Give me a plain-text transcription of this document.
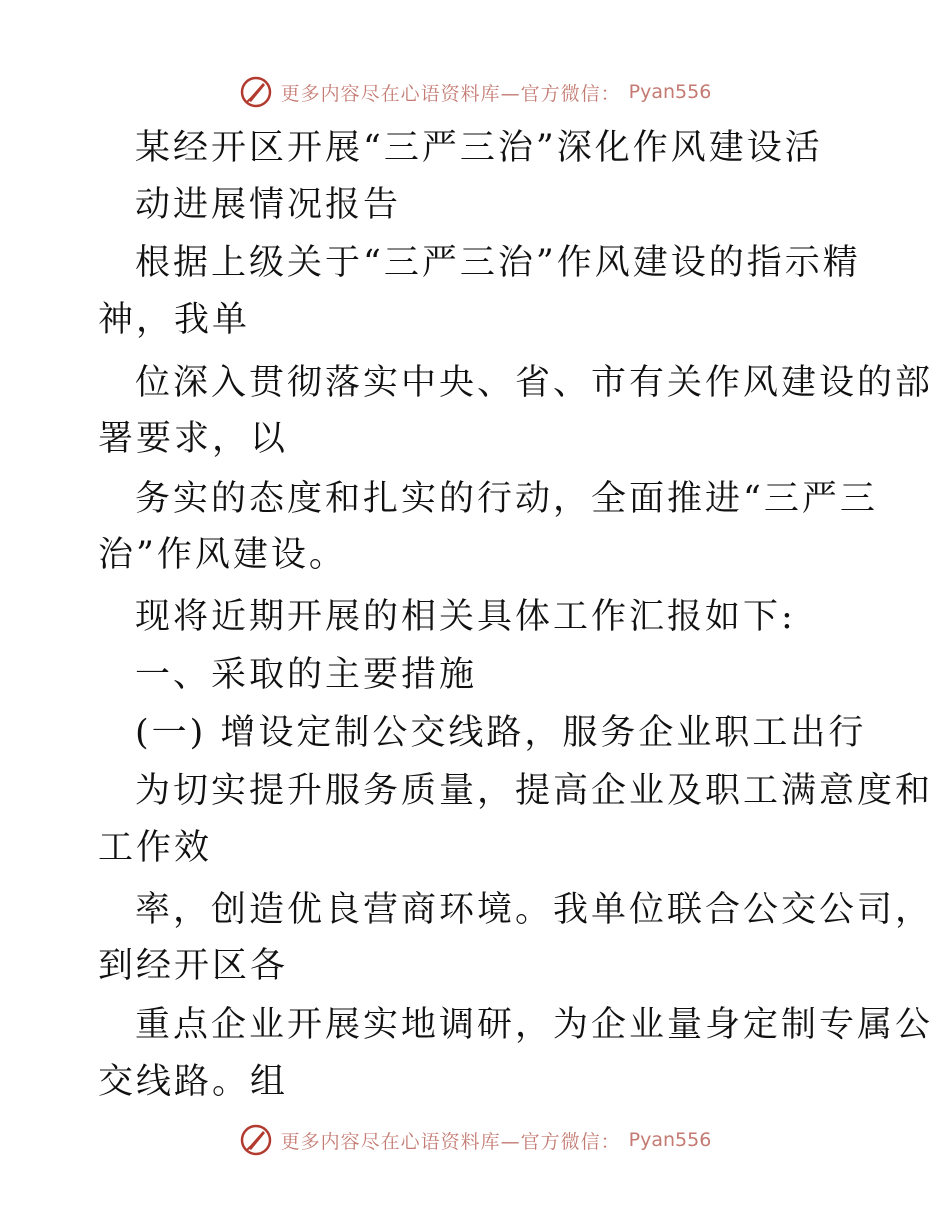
更多内容尽在心语资料库—官方微信： Pyan556
某经开区开展“三严三治”深化作风建设活
动进展情况报告
根据上级关于“三严三治”作风建设的指示精
神，我单
位深入贯彻落实中央、省、市有关作风建设的部
署要求，以
务实的态度和扎实的行动，全面推进“三严三
治”作风建设。
现将近期开展的相关具体工作汇报如下:
一、采取的主要措施
(一) 增设定制公交线路，服务企业职工出行
为切实提升服务质量，提高企业及职工满意度和
工作效
率，创造优良营商环境。我单位联合公交公司，
到经开区各
重点企业开展实地调研，为企业量身定制专属公
交线路。组
更多内容尽在心语资料库—官方微信： Pyan556
